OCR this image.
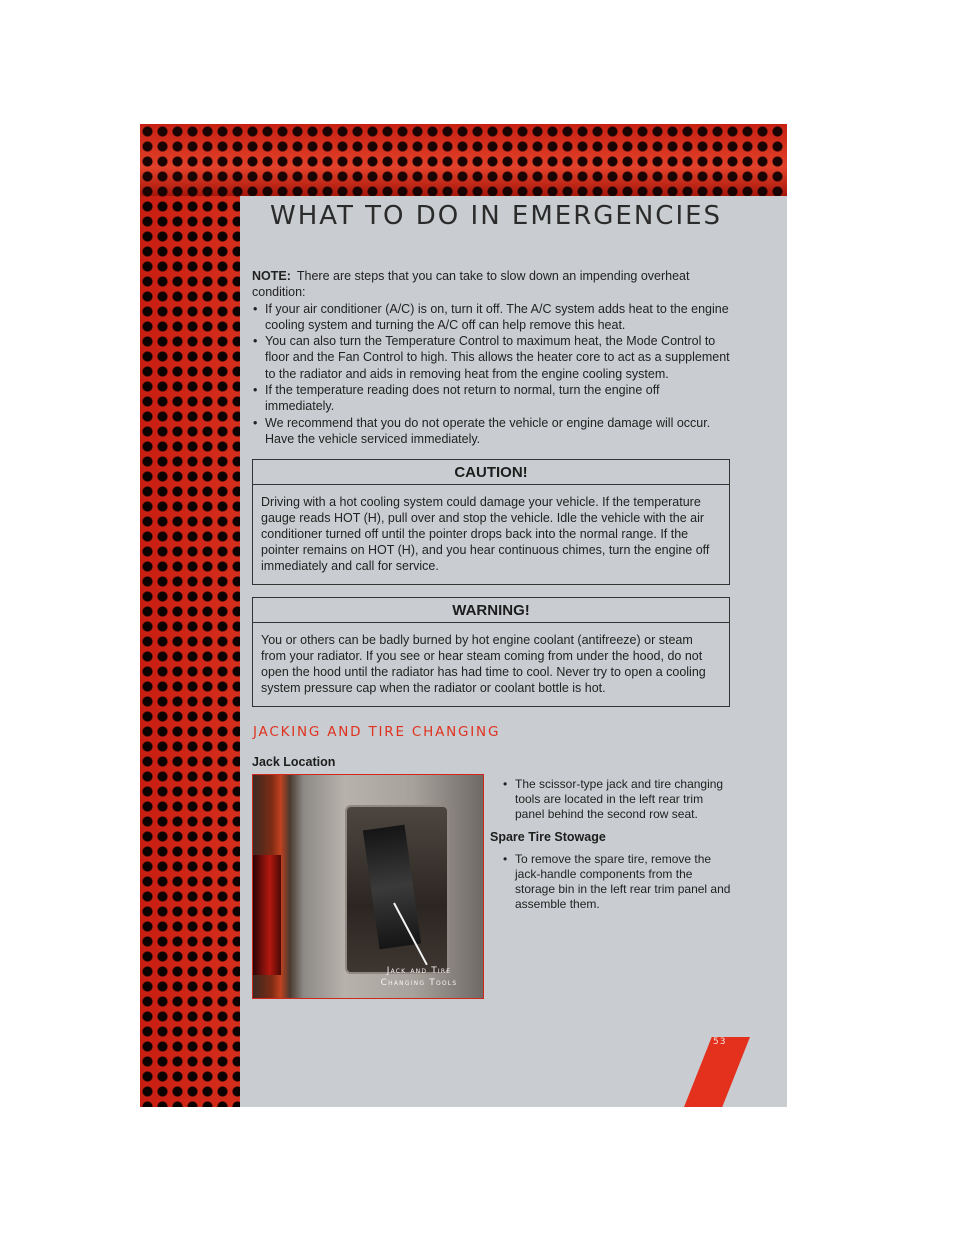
WHAT TO DO IN EMERGENCIES
NOTE: There are steps that you can take to slow down an impending overheat condition:
• If your air conditioner (A/C) is on, turn it off. The A/C system adds heat to the engine cooling system and turning the A/C off can help remove this heat.
• You can also turn the Temperature Control to maximum heat, the Mode Control to floor and the Fan Control to high. This allows the heater core to act as a supplement to the radiator and aids in removing heat from the engine cooling system.
• If the temperature reading does not return to normal, turn the engine off immediately.
• We recommend that you do not operate the vehicle or engine damage will occur. Have the vehicle serviced immediately.
CAUTION!
Driving with a hot cooling system could damage your vehicle. If the temperature gauge reads HOT (H), pull over and stop the vehicle. Idle the vehicle with the air conditioner turned off until the pointer drops back into the normal range. If the pointer remains on HOT (H), and you hear continuous chimes, turn the engine off immediately and call for service.
WARNING!
You or others can be badly burned by hot engine coolant (antifreeze) or steam from your radiator. If you see or hear steam coming from under the hood, do not open the hood until the radiator has had time to cool. Never try to open a cooling system pressure cap when the radiator or coolant bottle is hot.
JACKING AND TIRE CHANGING
Jack Location
Jack and Tire
Changing Tools
• The scissor-type jack and tire changing tools are located in the left rear trim panel behind the second row seat.
Spare Tire Stowage
• To remove the spare tire, remove the jack-handle components from the storage bin in the left rear trim panel and assemble them.
53
